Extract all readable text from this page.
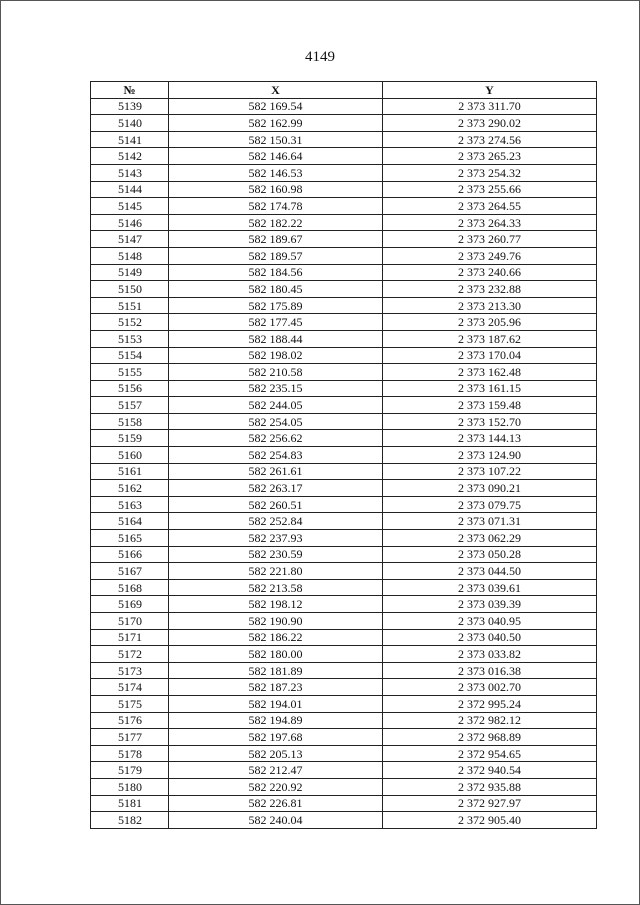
4149
№	X	Y
5139	582 169.54	2 373 311.70
5140	582 162.99	2 373 290.02
5141	582 150.31	2 373 274.56
5142	582 146.64	2 373 265.23
5143	582 146.53	2 373 254.32
5144	582 160.98	2 373 255.66
5145	582 174.78	2 373 264.55
5146	582 182.22	2 373 264.33
5147	582 189.67	2 373 260.77
5148	582 189.57	2 373 249.76
5149	582 184.56	2 373 240.66
5150	582 180.45	2 373 232.88
5151	582 175.89	2 373 213.30
5152	582 177.45	2 373 205.96
5153	582 188.44	2 373 187.62
5154	582 198.02	2 373 170.04
5155	582 210.58	2 373 162.48
5156	582 235.15	2 373 161.15
5157	582 244.05	2 373 159.48
5158	582 254.05	2 373 152.70
5159	582 256.62	2 373 144.13
5160	582 254.83	2 373 124.90
5161	582 261.61	2 373 107.22
5162	582 263.17	2 373 090.21
5163	582 260.51	2 373 079.75
5164	582 252.84	2 373 071.31
5165	582 237.93	2 373 062.29
5166	582 230.59	2 373 050.28
5167	582 221.80	2 373 044.50
5168	582 213.58	2 373 039.61
5169	582 198.12	2 373 039.39
5170	582 190.90	2 373 040.95
5171	582 186.22	2 373 040.50
5172	582 180.00	2 373 033.82
5173	582 181.89	2 373 016.38
5174	582 187.23	2 373 002.70
5175	582 194.01	2 372 995.24
5176	582 194.89	2 372 982.12
5177	582 197.68	2 372 968.89
5178	582 205.13	2 372 954.65
5179	582 212.47	2 372 940.54
5180	582 220.92	2 372 935.88
5181	582 226.81	2 372 927.97
5182	582 240.04	2 372 905.40
